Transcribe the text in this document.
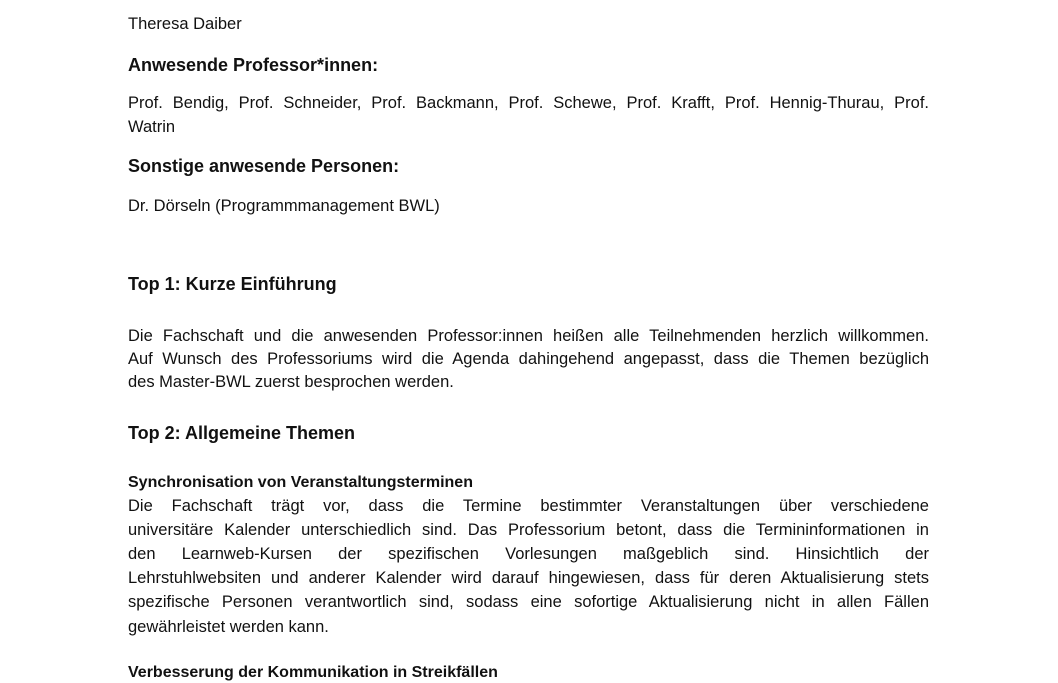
Theresa Daiber
Anwesende Professor*innen:
Prof. Bendig, Prof. Schneider, Prof. Backmann, Prof. Schewe, Prof. Krafft, Prof. Hennig-Thurau, Prof.
Watrin
Sonstige anwesende Personen:
Dr. Dörseln (Programmmanagement BWL)
Top 1: Kurze Einführung
Die Fachschaft und die anwesenden Professor:innen heißen alle Teilnehmenden herzlich willkommen.
Auf Wunsch des Professoriums wird die Agenda dahingehend angepasst, dass die Themen bezüglich
des Master-BWL zuerst besprochen werden.
Top 2: Allgemeine Themen
Synchronisation von Veranstaltungsterminen
Die Fachschaft trägt vor, dass die Termine bestimmter Veranstaltungen über verschiedene
universitäre Kalender unterschiedlich sind. Das Professorium betont, dass die Termininformationen in
den Learnweb-Kursen der spezifischen Vorlesungen maßgeblich sind. Hinsichtlich der
Lehrstuhlwebsiten und anderer Kalender wird darauf hingewiesen, dass für deren Aktualisierung stets
spezifische Personen verantwortlich sind, sodass eine sofortige Aktualisierung nicht in allen Fällen
gewährleistet werden kann.
Verbesserung der Kommunikation in Streikfällen
